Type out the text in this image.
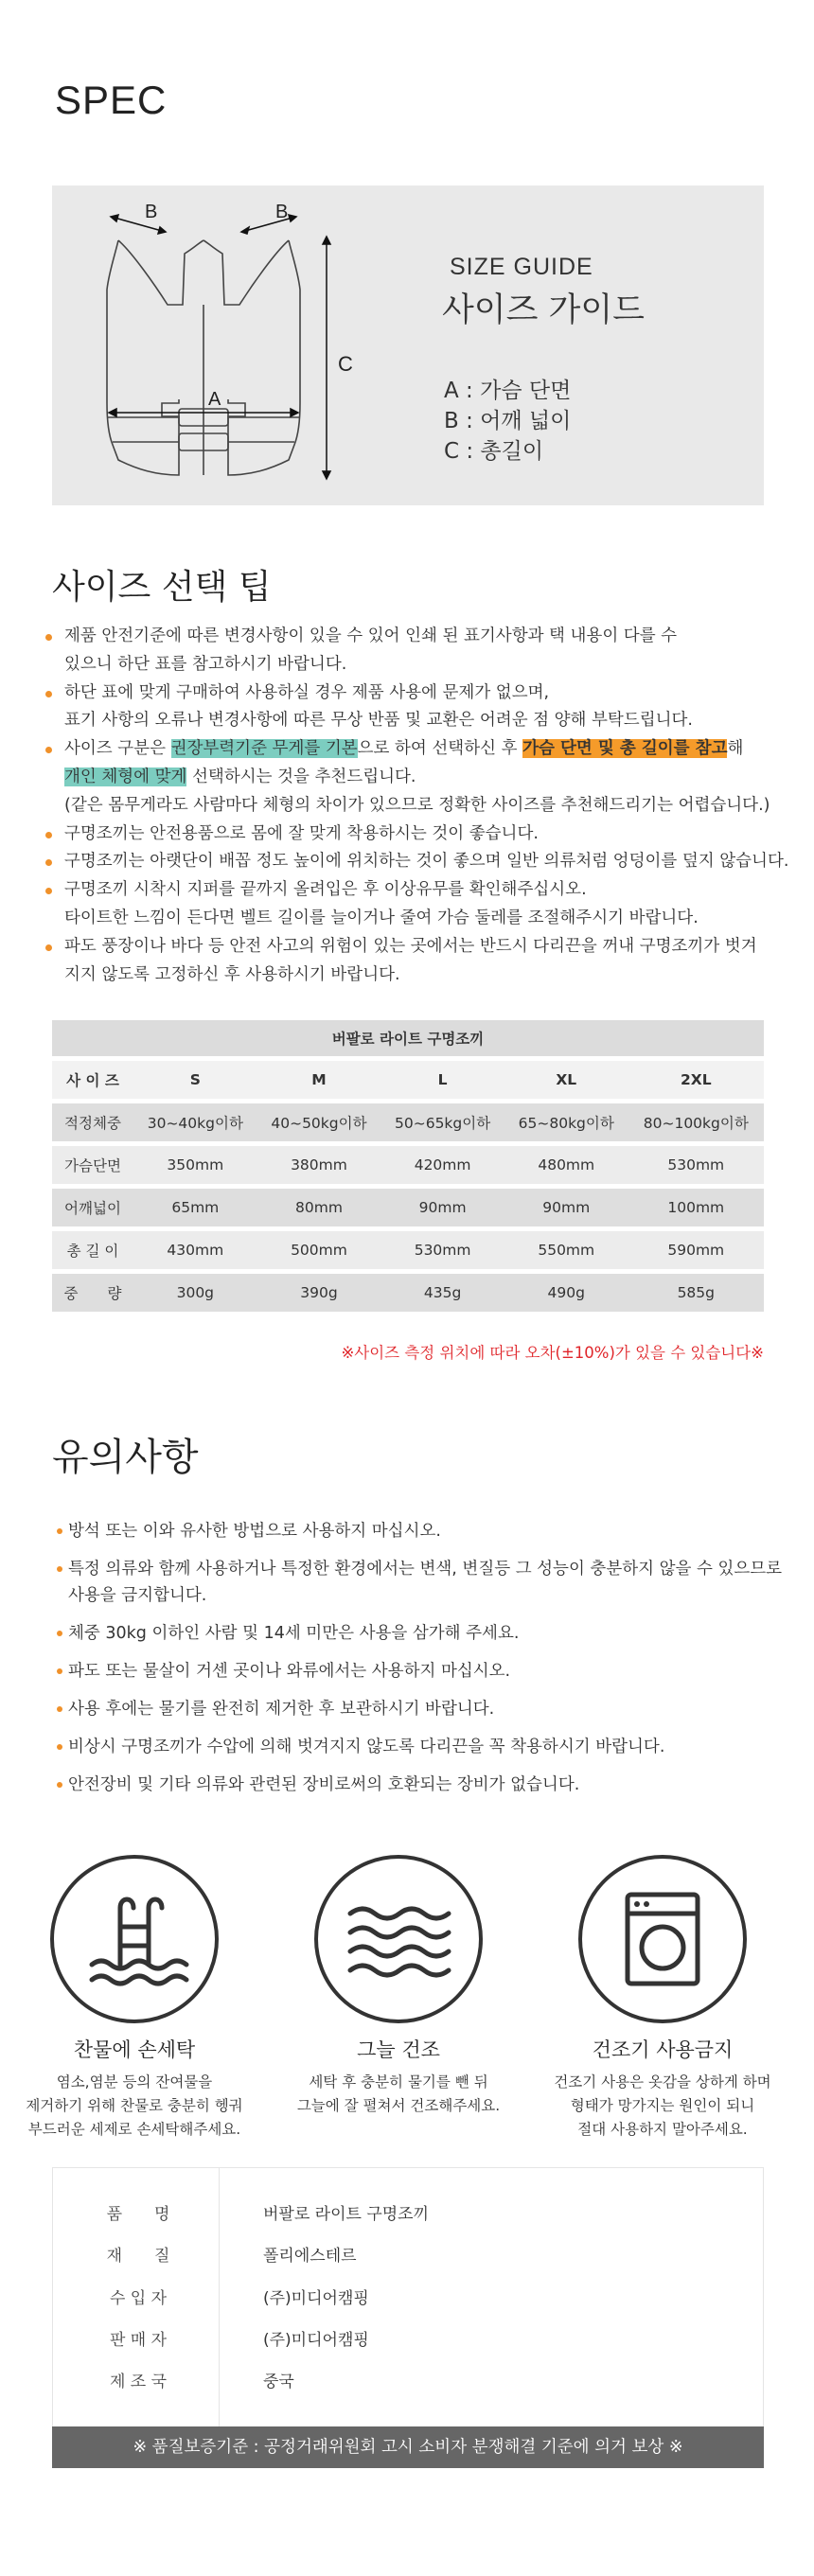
SPEC
B	B
A
C
SIZE GUIDE
사이즈 가이드
A : 가슴 단면
B : 어깨 넓이
C : 총길이
사이즈 선택 팁
제품 안전기준에 따른 변경사항이 있을 수 있어 인쇄 된 표기사항과 택 내용이 다를 수
있으니 하단 표를 참고하시기 바랍니다.
하단 표에 맞게 구매하여 사용하실 경우 제품 사용에 문제가 없으며,
표기 사항의 오류나 변경사항에 따른 무상 반품 및 교환은 어려운 점 양해 부탁드립니다.
사이즈 구분은 권장부력기준 무게를 기본으로 하여 선택하신 후 가슴 단면 및 총 길이를 참고해
개인 체형에 맞게 선택하시는 것을 추천드립니다.
(같은 몸무게라도 사람마다 체형의 차이가 있으므로 정확한 사이즈를 추천해드리기는 어렵습니다.)
구명조끼는 안전용품으로 몸에 잘 맞게 착용하시는 것이 좋습니다.
구명조끼는 아랫단이 배꼽 정도 높이에 위치하는 것이 좋으며 일반 의류처럼 엉덩이를 덮지 않습니다.
구명조끼 시착시 지퍼를 끝까지 올려입은 후 이상유무를 확인해주십시오.
타이트한 느낌이 든다면 벨트 길이를 늘이거나 줄여 가슴 둘레를 조절해주시기 바랍니다.
파도 풍장이나 바다 등 안전 사고의 위험이 있는 곳에서는 반드시 다리끈을 꺼내 구명조끼가 벗겨
지지 않도록 고정하신 후 사용하시기 바랍니다.
버팔로 라이트 구명조끼					
사 이 즈	S	M	L	XL	2XL
적정체중	30~40kg이하	40~50kg이하	50~65kg이하	65~80kg이하	80~100kg이하
가슴단면	350mm	380mm	420mm	480mm	530mm
어깨넓이	65mm	80mm	90mm	90mm	100mm
총 길 이	430mm	500mm	530mm	550mm	590mm
중　　량	300g	390g	435g	490g	585g
※사이즈 측정 위치에 따라 오차(±10%)가 있을 수 있습니다※
유의사항
방석 또는 이와 유사한 방법으로 사용하지 마십시오.
특정 의류와 함께 사용하거나 특정한 환경에서는 변색, 변질등 그 성능이 충분하지 않을 수 있으므로
사용을 금지합니다.
체중 30kg 이하인 사람 및 14세 미만은 사용을 삼가해 주세요.
파도 또는 물살이 거센 곳이나 와류에서는 사용하지 마십시오.
사용 후에는 물기를 완전히 제거한 후 보관하시기 바랍니다.
비상시 구명조끼가 수압에 의해 벗겨지지 않도록 다리끈을 꼭 착용하시기 바랍니다.
안전장비 및 기타 의류와 관련된 장비로써의 호환되는 장비가 없습니다.
찬물에 손세탁	그늘 건조	건조기 사용금지
염소,염분 등의 잔여물을
제거하기 위해 찬물로 충분히 헹궈
부드러운 세제로 손세탁해주세요.
세탁 후 충분히 물기를 뺀 뒤
그늘에 잘 펼쳐서 건조해주세요.
건조기 사용은 옷감을 상하게 하며
형태가 망가지는 원인이 되니
절대 사용하지 말아주세요.
품　　명	버팔로 라이트 구명조끼
재　　질	폴리에스테르
수 입 자	(주)미디어캠핑
판 매 자	(주)미디어캠핑
제 조 국	중국
※ 품질보증기준 : 공정거래위원회 고시 소비자 분쟁해결 기준에 의거 보상 ※
